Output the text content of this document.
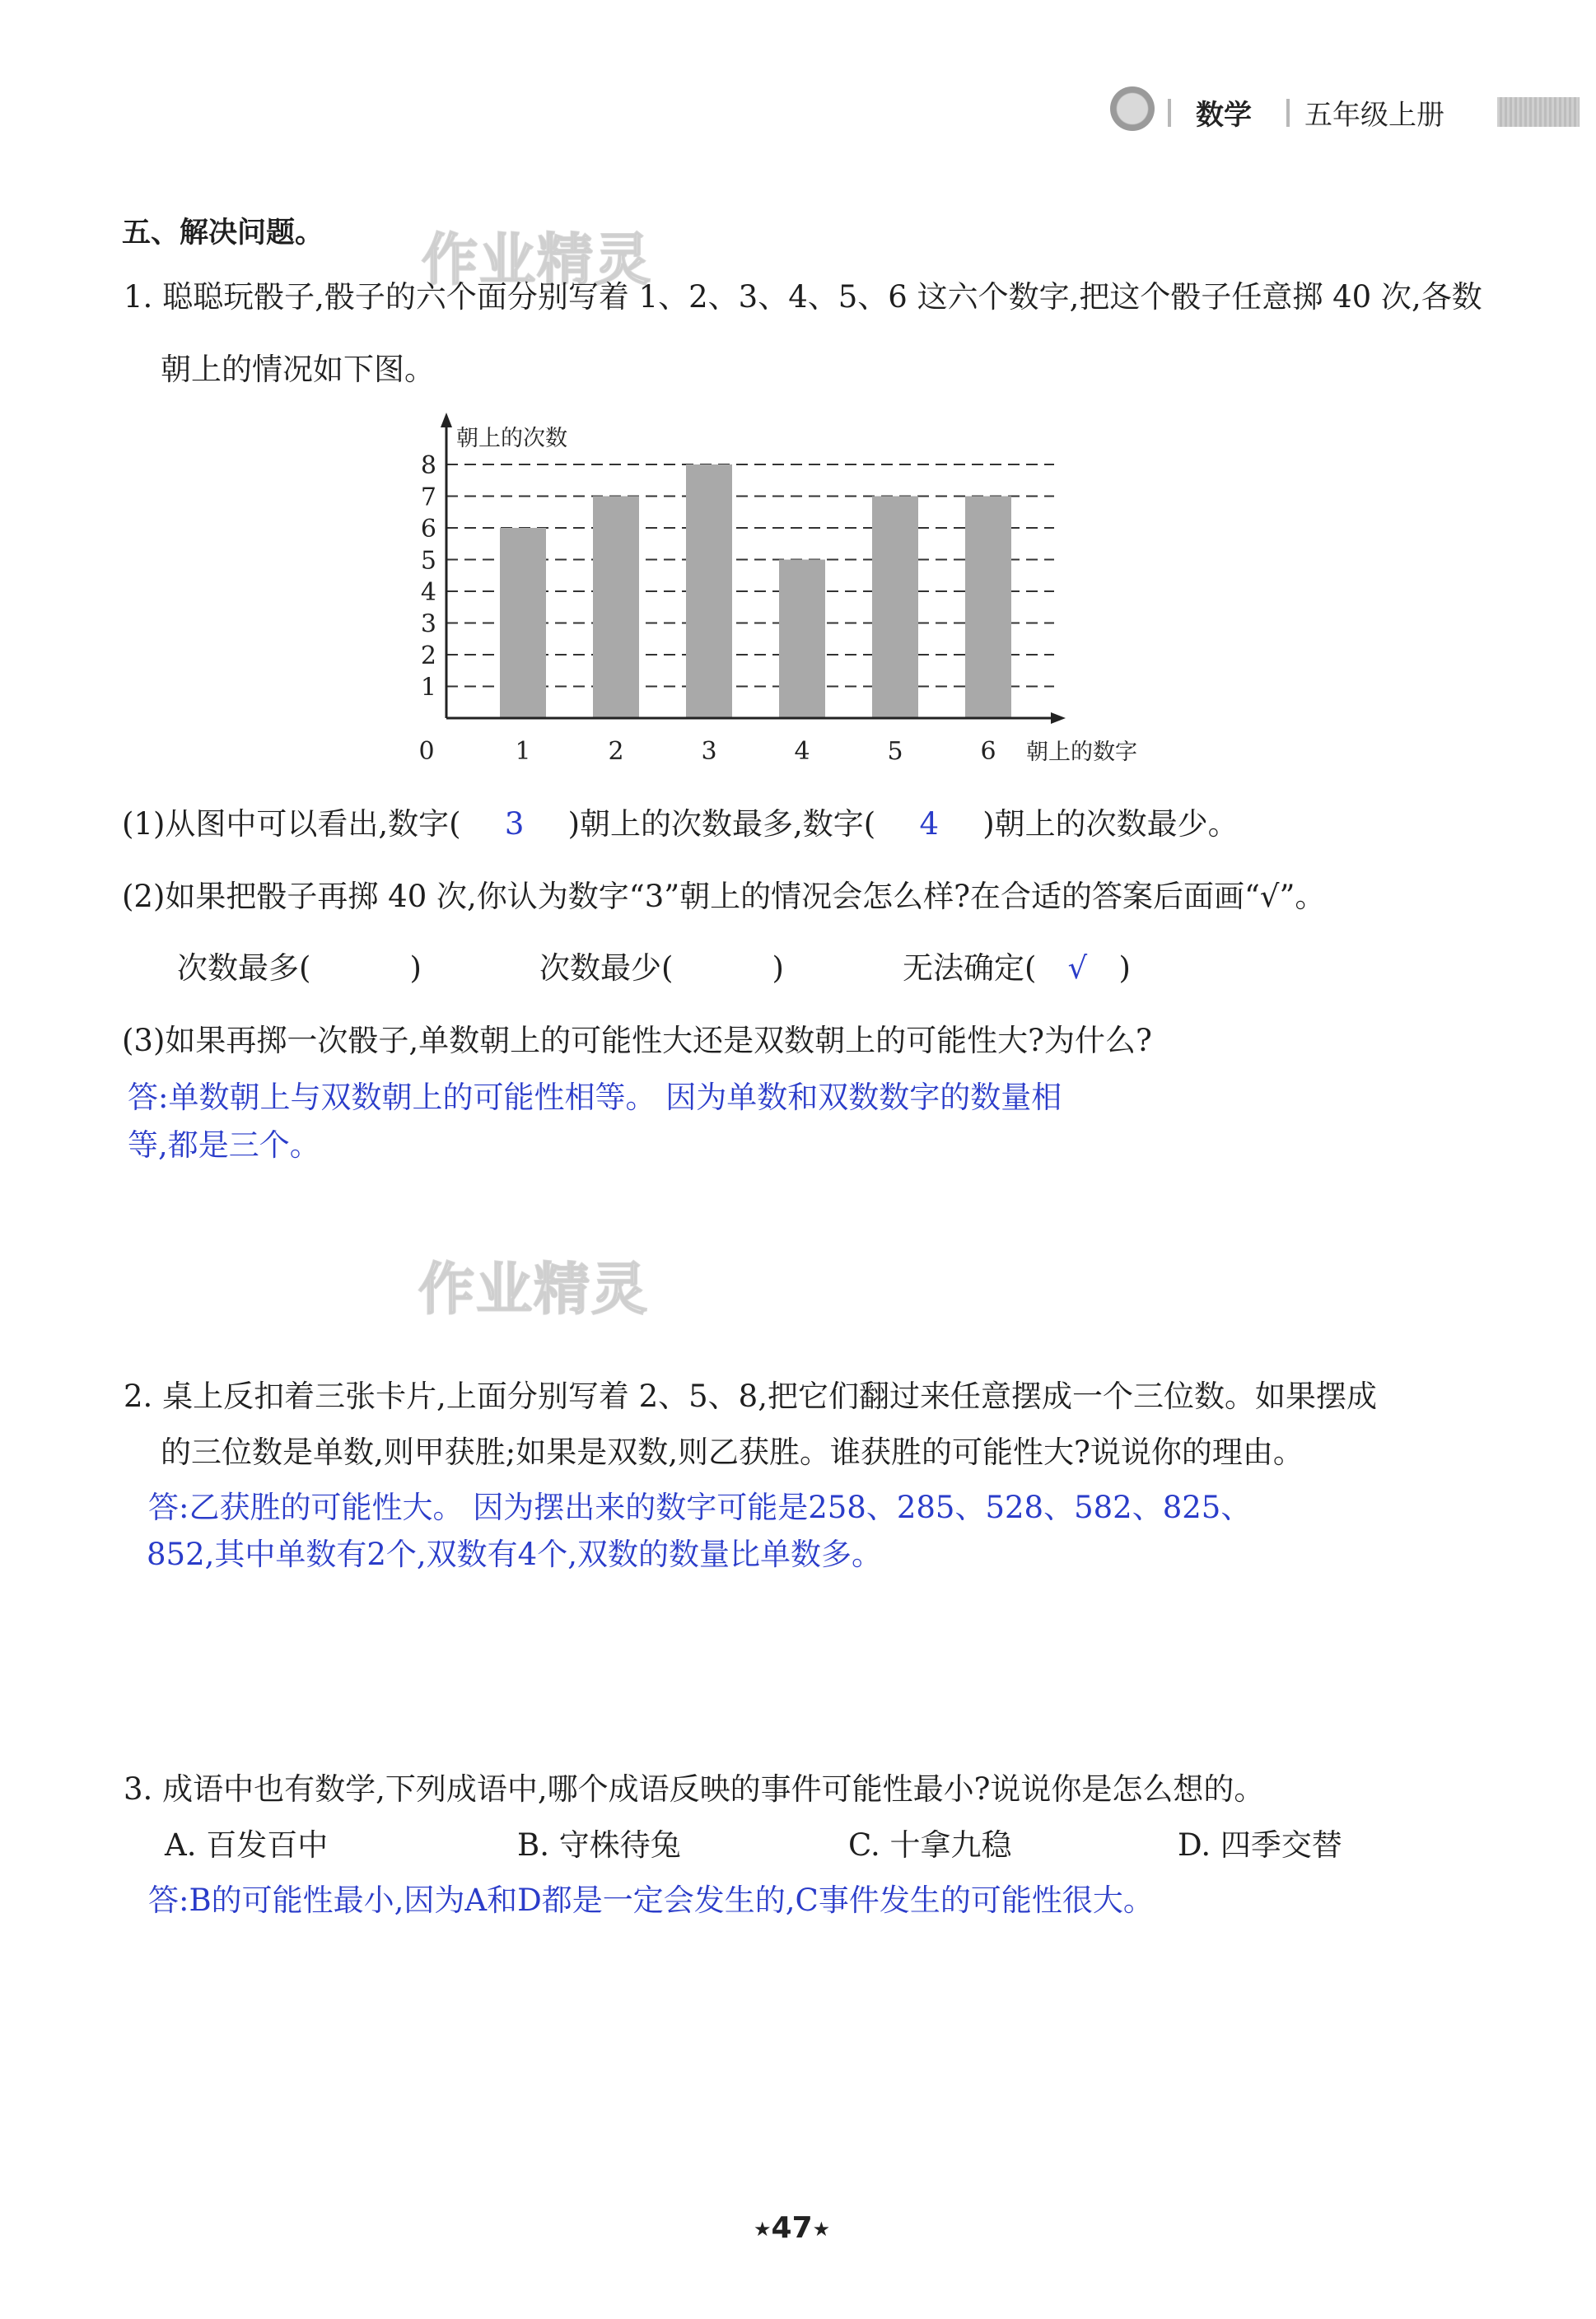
数学 五年级上册
作业精灵
作业精灵
五、解决问题。
1. 聪聪玩骰子,骰子的六个面分别写着 1、2、3、4、5、6 这六个数字,把这个骰子任意掷 40 次,各数
朝上的情况如下图。
1
2
3
4
5
6
7
8
0	1	2	3	4	5	6
朝上的次数
朝上的数字
(1)从图中可以看出,数字( 3 )朝上的次数最多,数字( 4 )朝上的次数最少。
(2)如果把骰子再掷 40 次,你认为数字“3”朝上的情况会怎么样?在合适的答案后面画“√”。
次数最多(	)	次数最少(	)	无法确定( √ )
(3)如果再掷一次骰子,单数朝上的可能性大还是双数朝上的可能性大?为什么?
答:单数朝上与双数朝上的可能性相等。 因为单数和双数数字的数量相
等,都是三个。
2. 桌上反扣着三张卡片,上面分别写着 2、5、8,把它们翻过来任意摆成一个三位数。如果摆成
的三位数是单数,则甲获胜;如果是双数,则乙获胜。谁获胜的可能性大?说说你的理由。
答:乙获胜的可能性大。 因为摆出来的数字可能是258、285、528、582、825、
852,其中单数有2个,双数有4个,双数的数量比单数多。
3. 成语中也有数学,下列成语中,哪个成语反映的事件可能性最小?说说你是怎么想的。
A. 百发百中	B. 守株待兔	C. 十拿九稳	D. 四季交替
答:B的可能性最小,因为A和D都是一定会发生的,C事件发生的可能性很大。
★47★
